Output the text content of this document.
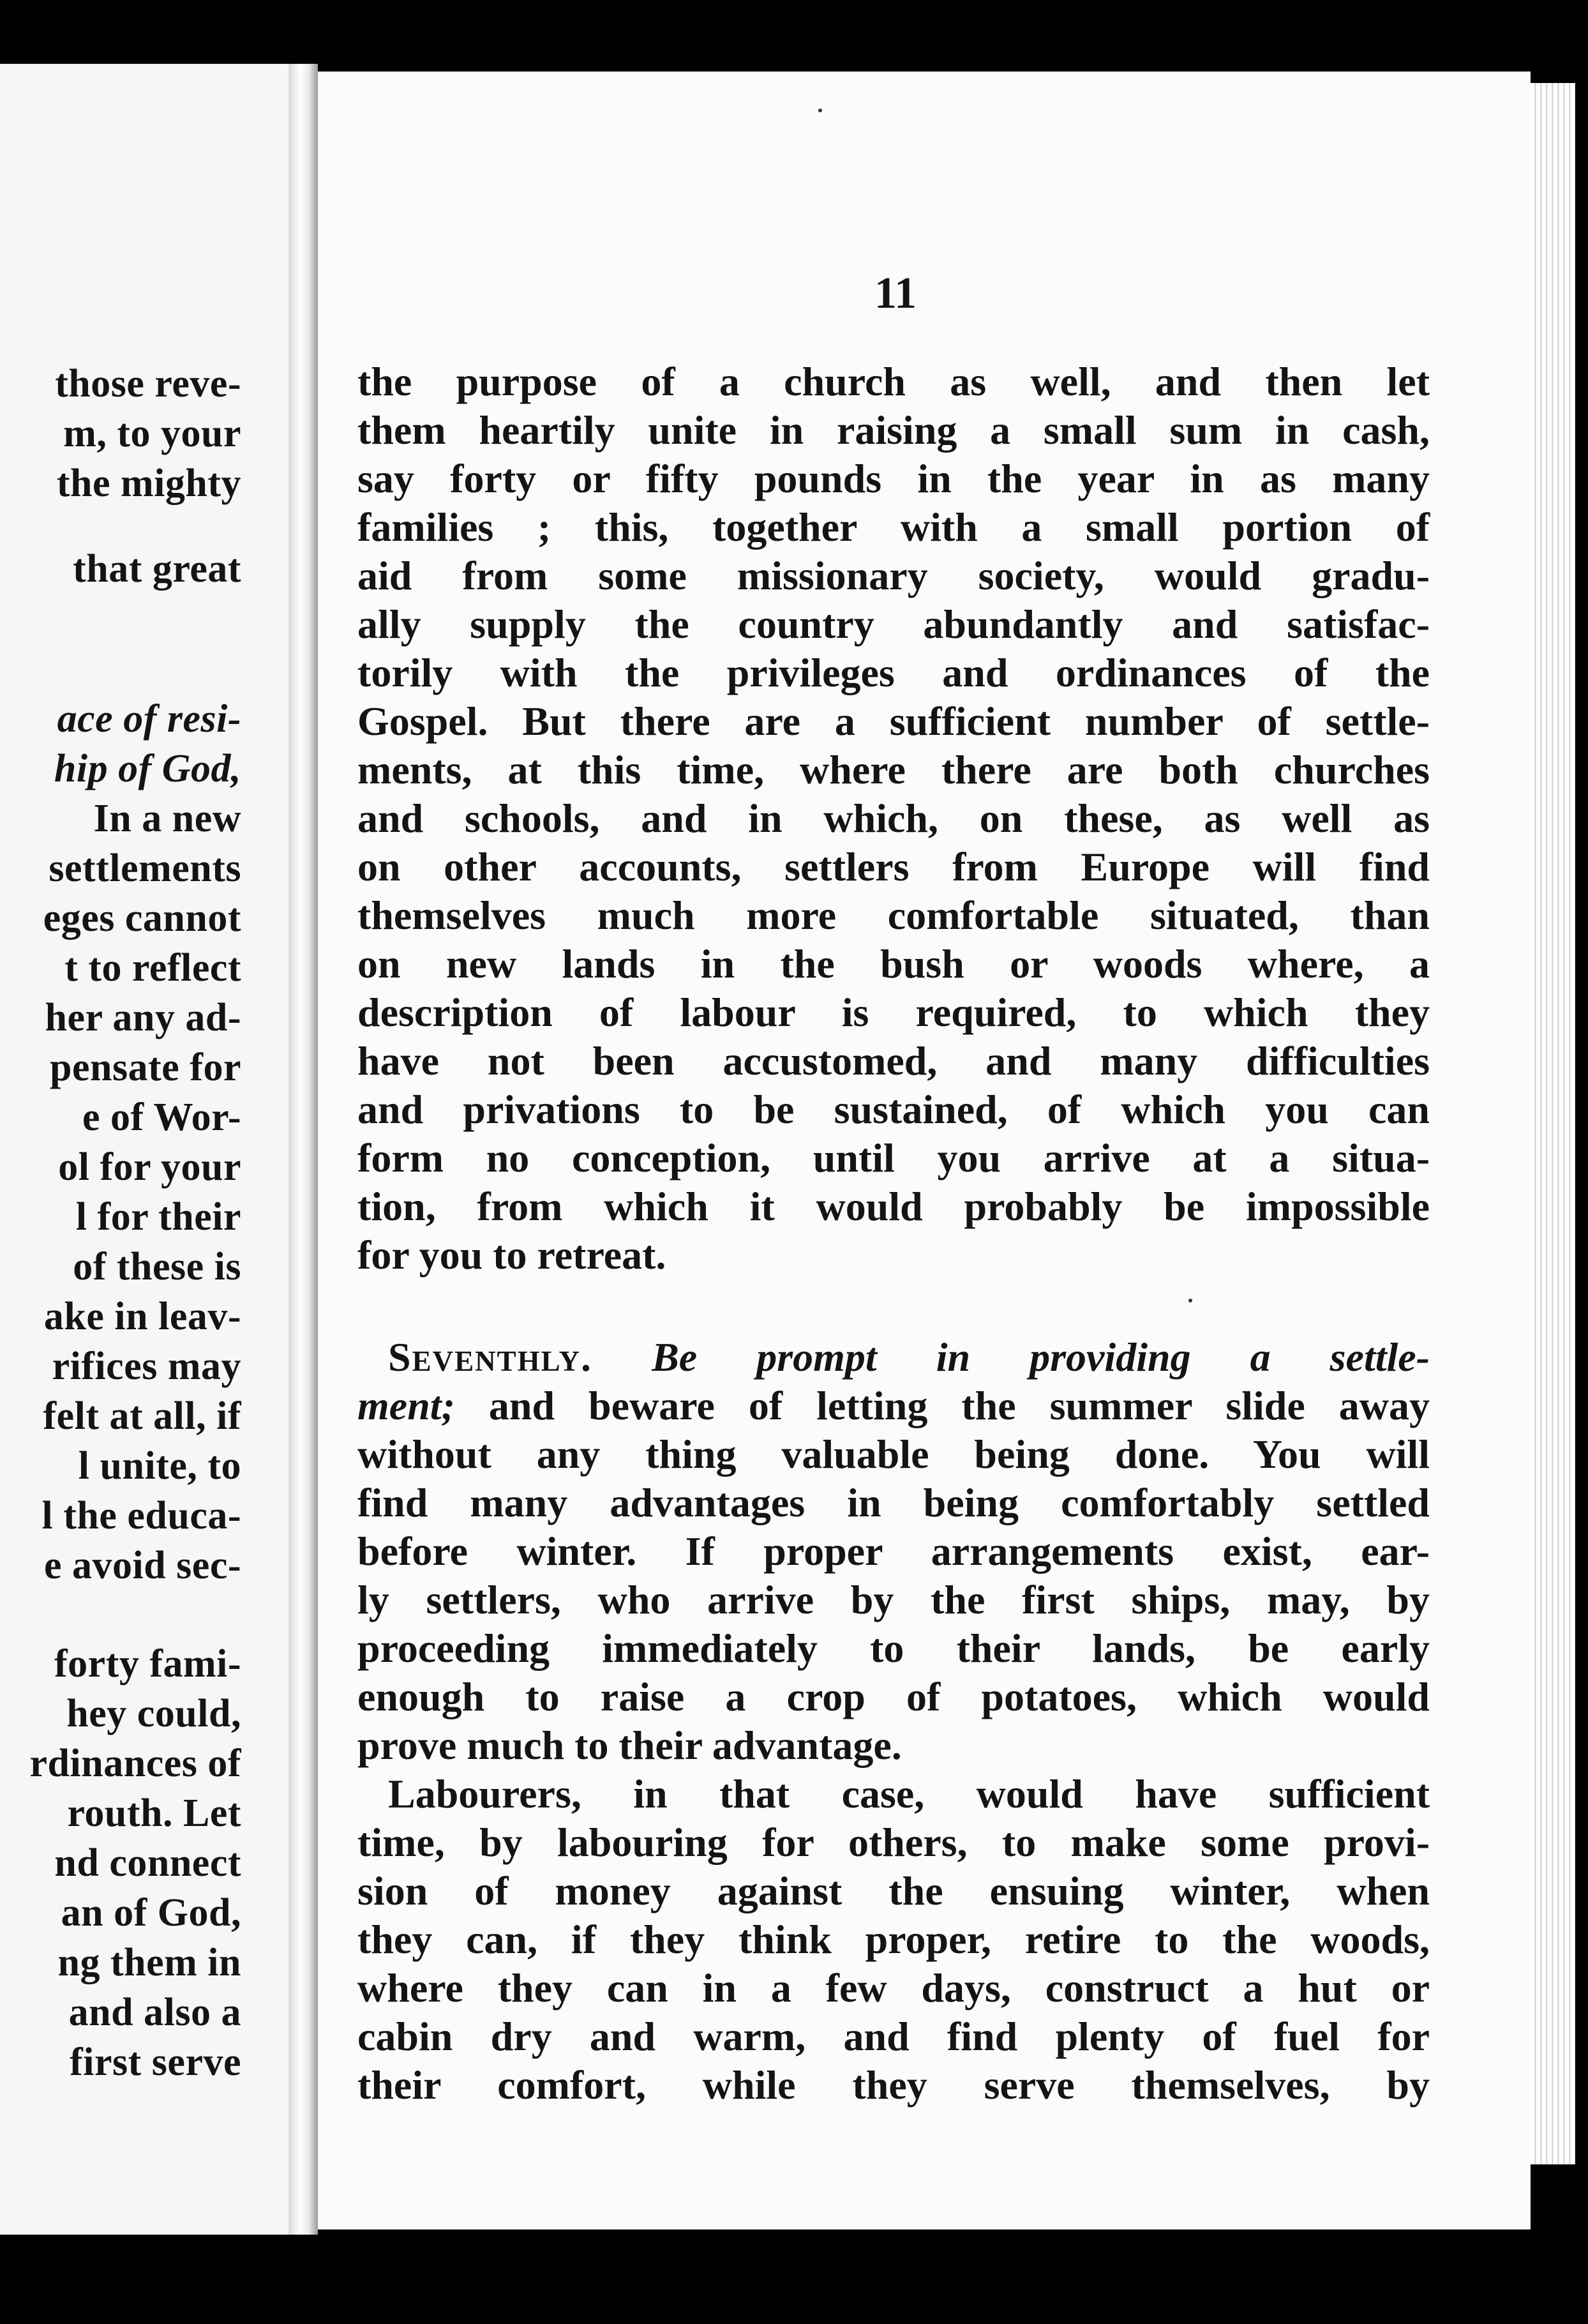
those reve-
m, to your
the mighty
that great
ace of resi-
hip of God,
In a new
settlements
eges cannot
t to reflect
her any ad-
pensate for
e of Wor-
ol for your
l for their
of these is
ake in leav-
rifices may
felt at all, if
l unite, to
l the educa-
e avoid sec-
forty fami-
hey could,
rdinances of
routh. Let
nd connect
an of God,
ng them in
and also a
first serve
11
the purpose of a church as well, and then let
them heartily unite in raising a small sum in cash,
say forty or fifty pounds in the year in as many
families ; this, together with a small portion of
aid from some missionary society, would gradu-
ally supply the country abundantly and satisfac-
torily with the privileges and ordinances of the
Gospel. But there are a sufficient number of settle-
ments, at this time, where there are both churches
and schools, and in which, on these, as well as
on other accounts, settlers from Europe will find
themselves much more comfortable situated, than
on new lands in the bush or woods where, a
description of labour is required, to which they
have not been accustomed, and many difficulties
and privations to be sustained, of which you can
form no conception, until you arrive at a situa-
tion, from which it would probably be impossible
for you to retreat.
Seventhly. Be prompt in providing a settle-
ment; and beware of letting the summer slide away
without any thing valuable being done. You will
find many advantages in being comfortably settled
before winter. If proper arrangements exist, ear-
ly settlers, who arrive by the first ships, may, by
proceeding immediately to their lands, be early
enough to raise a crop of potatoes, which would
prove much to their advantage.
Labourers, in that case, would have sufficient
time, by labouring for others, to make some provi-
sion of money against the ensuing winter, when
they can, if they think proper, retire to the woods,
where they can in a few days, construct a hut or
cabin dry and warm, and find plenty of fuel for
their comfort, while they serve themselves, by
